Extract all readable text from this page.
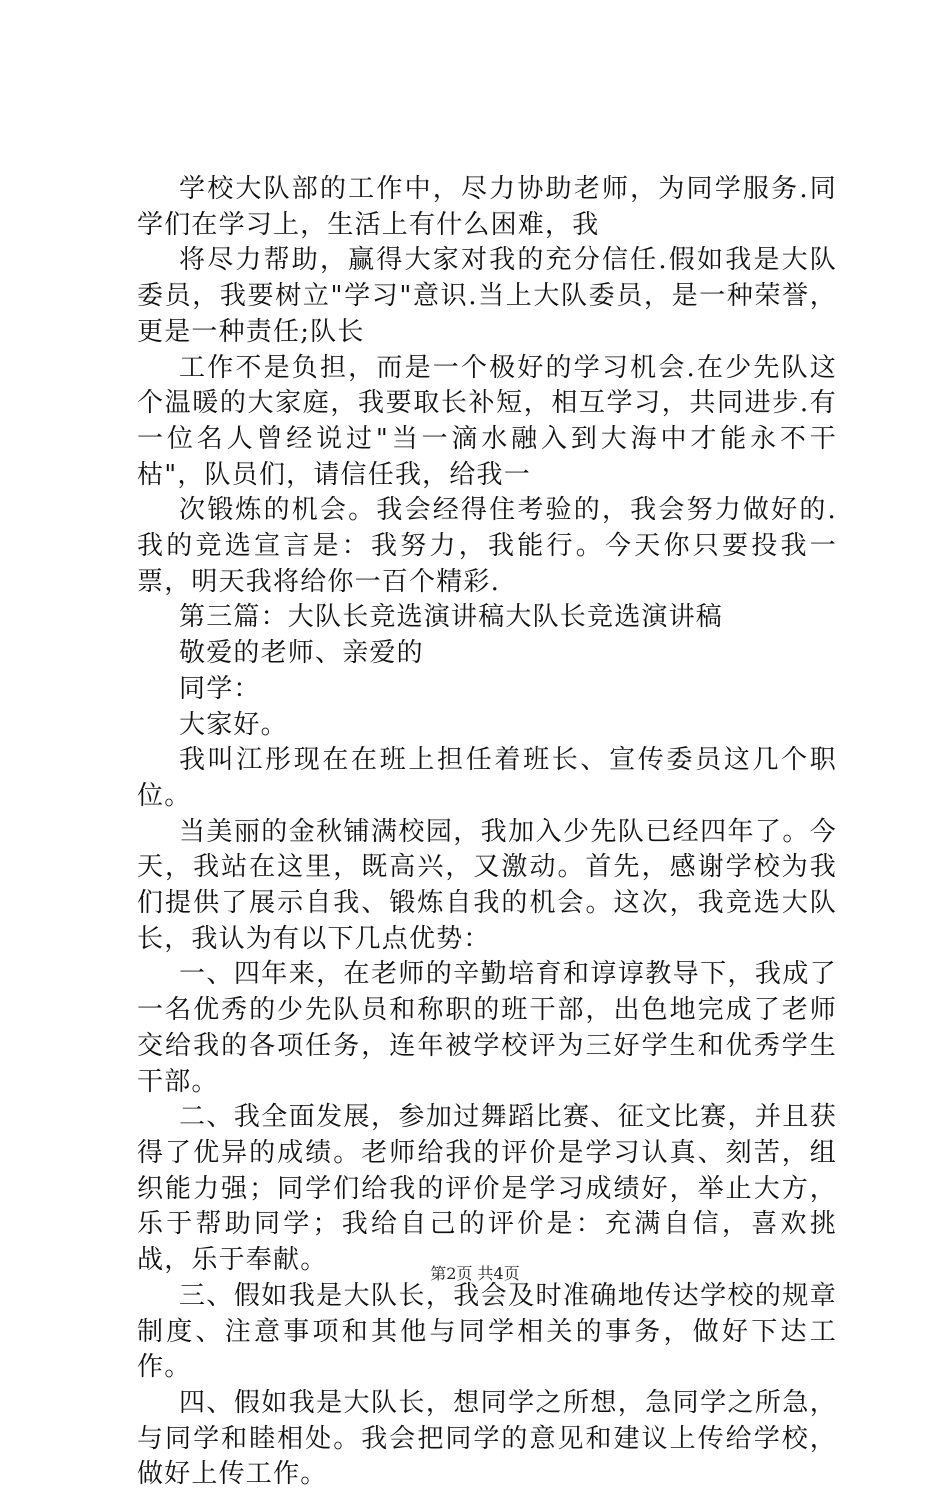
学校大队部的工作中，尽力协助老师，为同学服务.同学们在学习上，生活上有什么困难，我

将尽力帮助，赢得大家对我的充分信任.假如我是大队委员，我要树立"学习"意识.当上大队委员，是一种荣誉，更是一种责任;队长

工作不是负担，而是一个极好的学习机会.在少先队这个温暖的大家庭，我要取长补短，相互学习，共同进步.有一位名人曾经说过"当一滴水融入到大海中才能永不干枯"，队员们，请信任我，给我一

次锻炼的机会。我会经得住考验的，我会努力做好的.我的竞选宣言是：我努力，我能行。今天你只要投我一票，明天我将给你一百个精彩.

第三篇：大队长竞选演讲稿大队长竞选演讲稿

敬爱的老师、亲爱的

同学：

大家好。

我叫江彤现在在班上担任着班长、宣传委员这几个职位。

当美丽的金秋铺满校园，我加入少先队已经四年了。今天，我站在这里，既高兴，又激动。首先，感谢学校为我们提供了展示自我、锻炼自我的机会。这次，我竞选大队长，我认为有以下几点优势：

一、四年来，在老师的辛勤培育和谆谆教导下，我成了一名优秀的少先队员和称职的班干部，出色地完成了老师交给我的各项任务，连年被学校评为三好学生和优秀学生干部。

二、我全面发展，参加过舞蹈比赛、征文比赛，并且获得了优异的成绩。老师给我的评价是学习认真、刻苦，组织能力强；同学们给我的评价是学习成绩好，举止大方，乐于帮助同学；我给自己的评价是：充满自信，喜欢挑战，乐于奉献。

三、假如我是大队长，我会及时准确地传达学校的规章制度、注意事项和其他与同学相关的事务，做好下达工作。

四、假如我是大队长，想同学之所想，急同学之所急，与同学和睦相处。我会把同学的意见和建议上传给学校，做好上传工作。

第2页 共4页
